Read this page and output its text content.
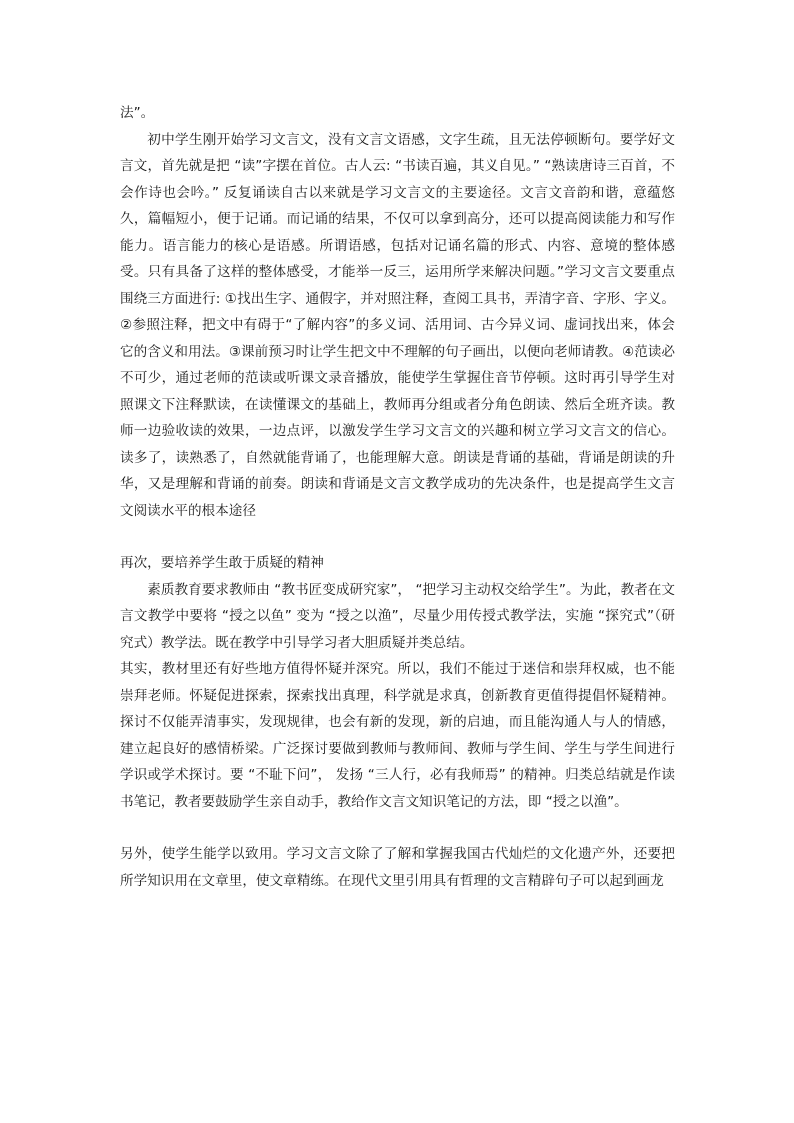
法”。

初中学生刚开始学习文言文，没有文言文语感，文字生疏，且无法停顿断句。要学好文言文，首先就是把 “读”字摆在首位。古人云: “书读百遍，其义自见。” “熟读唐诗三百首，不会作诗也会吟。” 反复诵读自古以来就是学习文言文的主要途径。文言文音韵和谐，意蕴悠久，篇幅短小，便于记诵。而记诵的结果，不仅可以拿到高分，还可以提高阅读能力和写作能力。语言能力的核心是语感。所谓语感，包括对记诵名篇的形式、内容、意境的整体感受。只有具备了这样的整体感受，才能举一反三，运用所学来解决问题。”学习文言文要重点围绕三方面进行: ①找出生字、通假字，并对照注释，查阅工具书，弄清字音、字形、字义。②参照注释，把文中有碍于“了解内容”的多义词、活用词、古今异义词、虚词找出来，体会它的含义和用法。③课前预习时让学生把文中不理解的句子画出，以便向老师请教。④范读必不可少，通过老师的范读或听课文录音播放，能使学生掌握住音节停顿。这时再引导学生对照课文下注释默读，在读懂课文的基础上，教师再分组或者分角色朗读、然后全班齐读。教师一边验收读的效果，一边点评，以激发学生学习文言文的兴趣和树立学习文言文的信心。读多了，读熟悉了，自然就能背诵了，也能理解大意。朗读是背诵的基础，背诵是朗读的升华，又是理解和背诵的前奏。朗读和背诵是文言文教学成功的先决条件，也是提高学生文言文阅读水平的根本途径

再次，要培养学生敢于质疑的精神

素质教育要求教师由 “教书匠变成研究家”， “把学习主动权交给学生”。为此，教者在文言文教学中要将 “授之以鱼” 变为 “授之以渔”，尽量少用传授式教学法，实施 “探究式”（研究式）教学法。既在教学中引导学习者大胆质疑并类总结。

其实，教材里还有好些地方值得怀疑并深究。所以，我们不能过于迷信和崇拜权威，也不能崇拜老师。怀疑促进探索，探索找出真理，科学就是求真，创新教育更值得提倡怀疑精神。探讨不仅能弄清事实，发现规律，也会有新的发现，新的启迪，而且能沟通人与人的情感，建立起良好的感情桥梁。广泛探讨要做到教师与教师间、教师与学生间、学生与学生间进行学识或学术探讨。要 “不耻下问”， 发扬 “三人行，必有我师焉” 的精神。归类总结就是作读书笔记，教者要鼓励学生亲自动手，教给作文言文知识笔记的方法，即 “授之以渔”。

另外，使学生能学以致用。学习文言文除了了解和掌握我国古代灿烂的文化遗产外，还要把所学知识用在文章里，使文章精练。在现代文里引用具有哲理的文言精辟句子可以起到画龙
